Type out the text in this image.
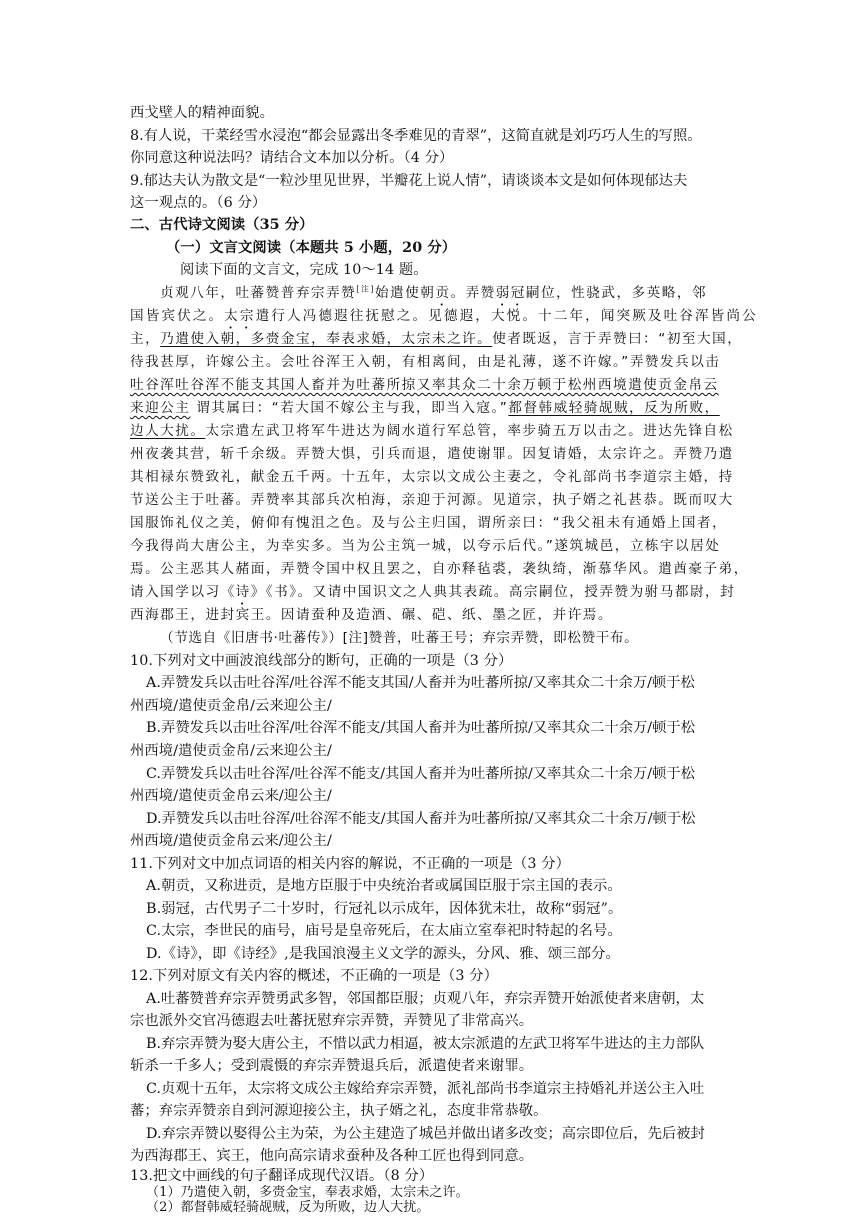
西戈壁人的精神面貌。
8.有人说，干菜经雪水浸泡“都会显露出冬季难见的青翠”，这简直就是刘巧巧人生的写照。
你同意这种说法吗？请结合文本加以分析。（4 分）
9.郁达夫认为散文是“一粒沙里见世界，半瓣花上说人情”，请谈谈本文是如何体现郁达夫
这一观点的。（6 分）
二、古代诗文阅读（35 分）
（一）文言文阅读（本题共 5 小题，20 分）
阅读下面的文言文，完成 10～14 题。
贞观八年，吐蕃赞普弃宗弄赞[注]始遣使朝贡。弄赞弱冠嗣位，性骁武，多英略，邻
国皆宾伏之。太宗遣行人冯德遐往抚慰之。见德遐，大悦。十二年，闻突厥及吐谷浑皆尚公
主，乃遣使入朝，多赍金宝，奉表求婚，太宗未之许。使者既返，言于弄赞曰：“初至大国，
待我甚厚，许嫁公主。会吐谷浑王入朝，有相离间，由是礼薄，遂不许嫁。”弄赞发兵以击
吐谷浑吐谷浑不能支其国人畜并为吐蕃所掠又率其众二十余万顿于松州西境遣使贡金帛云
来迎公主 谓其属曰：“若大国不嫁公主与我，即当入寇。”都督韩威轻骑觇贼，反为所败，
边人大扰。太宗遣左武卫将军牛进达为阔水道行军总管，率步骑五万以击之。进达先锋自松
州夜袭其营，斩千余级。弄赞大惧，引兵而退，遣使谢罪。因复请婚，太宗许之。弄赞乃遣
其相禄东赞致礼，献金五千两。十五年，太宗以文成公主妻之，令礼部尚书李道宗主婚，持
节送公主于吐蕃。弄赞率其部兵次柏海，亲迎于河源。见道宗，执子婿之礼甚恭。既而叹大
国服饰礼仪之美，俯仰有愧沮之色。及与公主归国，谓所亲曰：“我父祖未有通婚上国者，
今我得尚大唐公主，为幸实多。当为公主筑一城，以夸示后代。”遂筑城邑，立栋宇以居处
焉。公主恶其人赭面，弄赞令国中权且罢之，自亦释毡裘，袭纨绮，渐慕华风。遣酋豪子弟，
请入国学以习《诗》《书》。又请中国识文之人典其表疏。高宗嗣位，授弄赞为驸马都尉，封
西海郡王，进封宾王。因请蚕种及造酒、碾、硙、纸、墨之匠，并许焉。
（节选自《旧唐书·吐蕃传》）[注]赞普，吐蕃王号；弃宗弄赞，即松赞干布。
10.下列对文中画波浪线部分的断句，正确的一项是（3 分）
A.弄赞发兵以击吐谷浑/吐谷浑不能支其国/人畜并为吐蕃所掠/又率其众二十余万/顿于松
州西境/遣使贡金帛/云来迎公主/
B.弄赞发兵以击吐谷浑/吐谷浑不能支/其国人畜并为吐蕃所掠/又率其众二十余万/顿于松
州西境/遣使贡金帛/云来迎公主/
C.弄赞发兵以击吐谷浑/吐谷浑不能支/其国人畜并为吐蕃所掠/又率其众二十余万/顿于松
州西境/遣使贡金帛云来/迎公主/
D.弄赞发兵以击吐谷浑/吐谷浑不能支/其国人畜并为吐蕃所掠/又率其众二十余万/顿于松
州西境/遣使贡金帛云来/迎公主/
11.下列对文中加点词语的相关内容的解说，不正确的一项是（3 分）
A.朝贡，又称进贡，是地方臣服于中央统治者或属国臣服于宗主国的表示。
B.弱冠，古代男子二十岁时，行冠礼以示成年，因体犹未壮，故称“弱冠”。
C.太宗，李世民的庙号，庙号是皇帝死后，在太庙立室奉祀时特起的名号。
D.《诗》，即《诗经》,是我国浪漫主义文学的源头，分风、雅、颂三部分。
12.下列对原文有关内容的概述，不正确的一项是（3 分）
A.吐蕃赞普弃宗弄赞勇武多智，邻国都臣服；贞观八年，弃宗弄赞开始派使者来唐朝，太
宗也派外交官冯德遐去吐蕃抚慰弃宗弄赞，弄赞见了非常高兴。
B.弃宗弄赞为娶大唐公主，不惜以武力相逼，被太宗派遣的左武卫将军牛进达的主力部队
斩杀一千多人；受到震慑的弃宗弄赞退兵后，派遣使者来谢罪。
C.贞观十五年，太宗将文成公主嫁给弃宗弄赞，派礼部尚书李道宗主持婚礼并送公主入吐
蕃；弃宗弄赞亲自到河源迎接公主，执子婿之礼，态度非常恭敬。
D.弃宗弄赞以娶得公主为荣，为公主建造了城邑并做出诸多改变；高宗即位后，先后被封
为西海郡王、宾王，他向高宗请求蚕种及各种工匠也得到同意。
13.把文中画线的句子翻译成现代汉语。（8 分）
（1）乃遣使入朝，多赍金宝，奉表求婚，太宗未之许。
（2）都督韩威轻骑觇贼，反为所败，边人大扰。
